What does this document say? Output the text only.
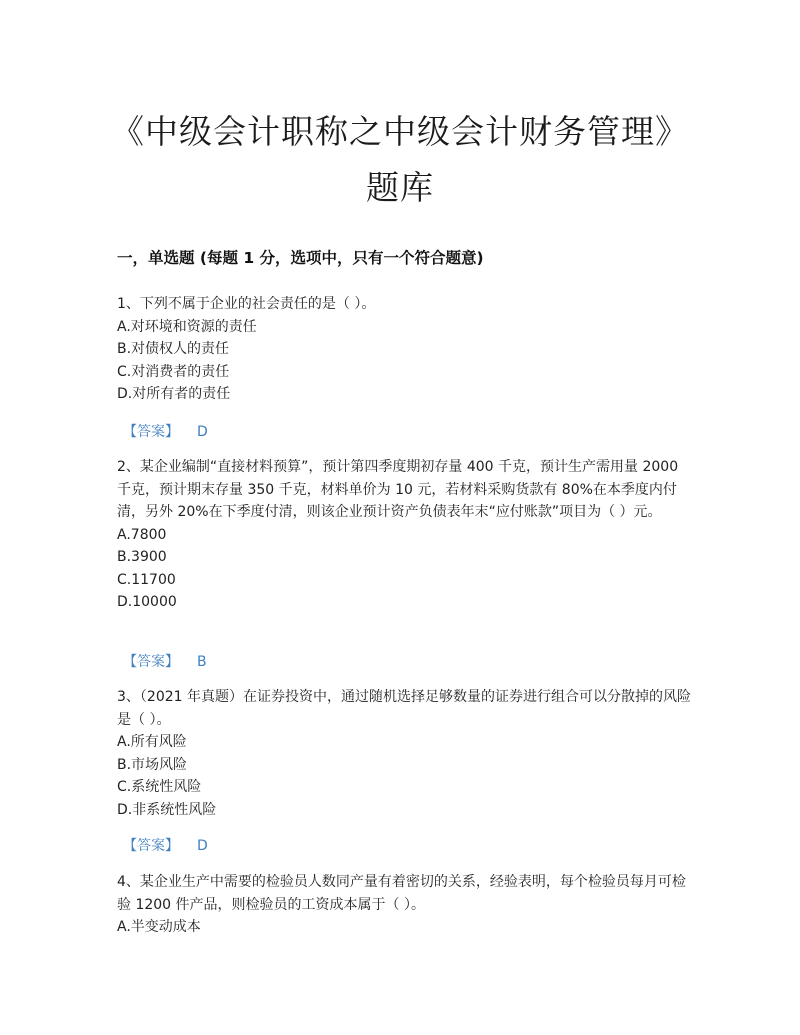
《中级会计职称之中级会计财务管理》题库
一，单选题 (每题 1 分，选项中，只有一个符合题意)

1、下列不属于企业的社会责任的是（ ）。

A.对环境和资源的责任

B.对债权人的责任

C.对消费者的责任

D.对所有者的责任

【答案】 D

2、某企业编制“直接材料预算”，预计第四季度期初存量 400 千克，预计生产需用量 2000 千克，预计期末存量 350 千克，材料单价为 10 元，若材料采购货款有 80%在本季度内付清，另外 20%在下季度付清，则该企业预计资产负债表年末“应付账款”项目为（ ）元。

A.7800

B.3900

C.11700

D.10000

【答案】 B

3、（2021 年真题）在证券投资中，通过随机选择足够数量的证券进行组合可以分散掉的风险是（ ）。

A.所有风险

B.市场风险

C.系统性风险

D.非系统性风险

【答案】 D

4、某企业生产中需要的检验员人数同产量有着密切的关系，经验表明，每个检验员每月可检验 1200 件产品，则检验员的工资成本属于（ ）。

A.半变动成本
